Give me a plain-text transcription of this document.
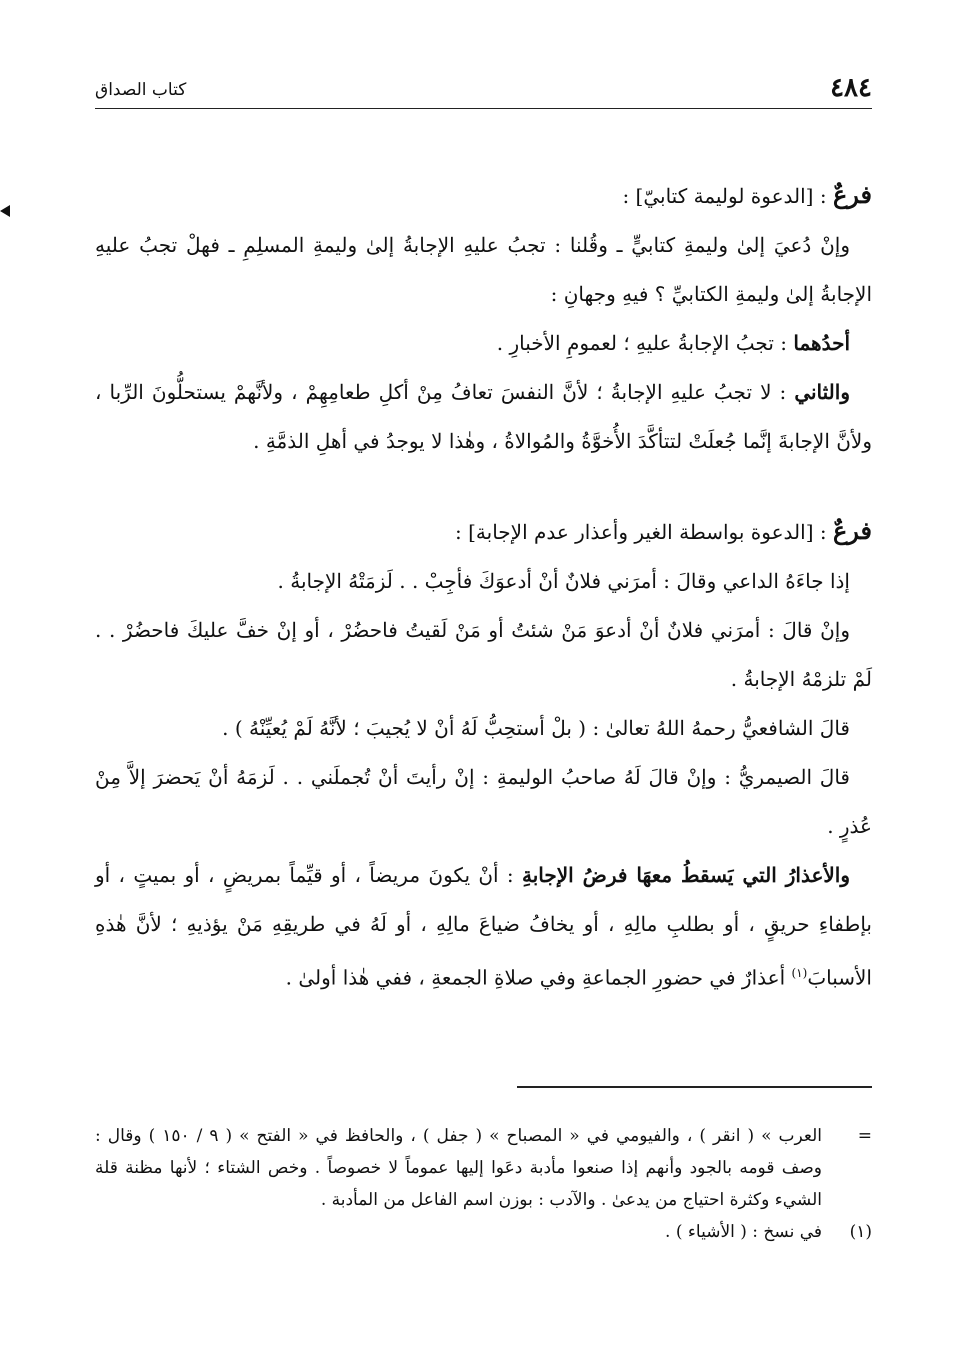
٤٨٤
كتاب الصداق

فرعٌ : [الدعوة لوليمة كتابيّ] :

وإنْ دُعيَ إلىٰ وليمةِ كتابيٍّ ـ وقُلنا : تجبُ عليهِ الإجابةُ إلىٰ وليمةِ المسلِمِ ـ فهلْ تجبُ عليهِ الإجابةُ إلىٰ وليمةِ الكتابيِّ ؟ فيهِ وجهانِ :

أحدُهما : تجبُ الإجابةُ عليهِ ؛ لعمومِ الأخبارِ .

والثاني : لا تجبُ عليهِ الإجابةُ ؛ لأنَّ النفسَ تعافُ مِنْ أكلِ طعامِهِمْ ، ولأنَّهمْ يستحلُّونَ الرِّبا ، ولأنَّ الإجابةَ إنَّما جُعلَتْ لتتأكَّدَ الأُخوَّةُ والمُوالاةُ ، وهٰذا لا يوجدُ في أهلِ الذمَّةِ .

فرعٌ : [الدعوة بواسطة الغير وأعذار عدم الإجابة] :

إذا جاءَهُ الداعي وقالَ : أمرَني فلانٌ أنْ أدعوَكَ فأجِبْ . . لَزمَتْهُ الإجابةُ .

وإنْ قالَ : أمرَني فلانٌ أنْ أدعوَ مَنْ شئتُ أو مَنْ لَقيتُ فاحضُرْ ، أو إنْ خفَّ عليكَ فاحضُرْ . . لَمْ تلزمْهُ الإجابةُ .

قالَ الشافعيُّ رحمهُ اللهُ تعالىٰ : ( بلْ أستحِبُّ لَهُ أنْ لا يُجيبَ ؛ لأنَّهُ لَمْ يُعيِّنْهُ ) .

قالَ الصيمريُّ : وإنْ قالَ لَهُ صاحبُ الوليمةِ : إنْ رأيتَ أنْ تُجملَني . . لَزمَهُ أنْ يَحضرَ إلاَّ مِنْ عُذرٍ .

والأعذارُ التي يَسقطُ معهَا فرضُ الإجابةِ : أنْ يكونَ مريضاً ، أو قيِّماً بمريضٍ ، أو بميتٍ ، أو بإطفاءِ حريقٍ ، أو بطلبِ مالِهِ ، أو يخافُ ضياعَ مالِهِ ، أو لَهُ في طريقِهِ مَنْ يؤذيهِ ؛ لأنَّ هٰذهِ الأسبابَ$^{(١)}$ أعذارٌ في حضورِ الجماعةِ وفي صلاةِ الجمعةِ ، ففي هٰذا أولىٰ .

=
العرب » ( انقر ) ، والفيومي في « المصباح » ( جفل ) ، والحافظ في « الفتح » ( ٩ / ١٥٠ ) وقال : وصف قومه بالجود وأنهم إذا صنعوا مأدبة دعَوا إليها عموماً لا خصوصاً . وخص الشتاء ؛ لأنها مظنة قلة الشيء وكثرة احتياج من يدعىٰ . والآدب : بوزن اسم الفاعل من المأدبة .

(١)
في نسخ : ( الأشياء ) .
